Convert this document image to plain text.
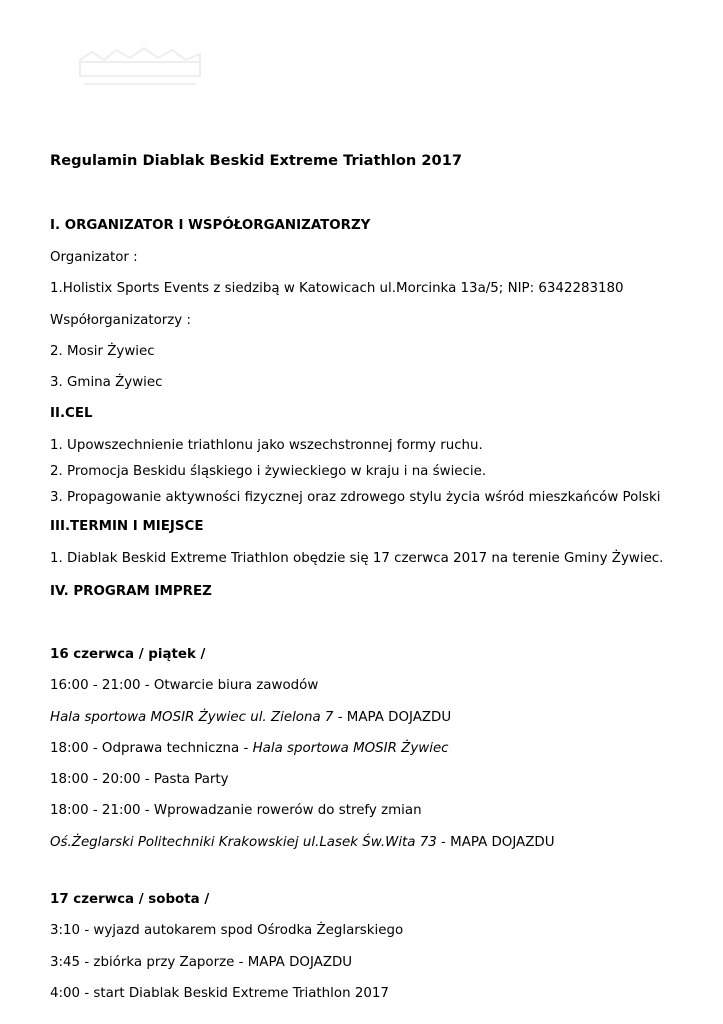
Regulamin Diablak Beskid Extreme Triathlon 2017
I. ORGANIZATOR I WSPÓŁORGANIZATORZY
Organizator :
1.Holistix Sports Events z siedzibą w Katowicach ul.Morcinka 13a/5; NIP: 6342283180
Współorganizatorzy :
2. Mosir Żywiec
3. Gmina Żywiec
II.CEL
1. Upowszechnienie triathlonu jako wszechstronnej formy ruchu.
2. Promocja Beskidu śląskiego i żywieckiego w kraju i na świecie.
3. Propagowanie aktywności fizycznej oraz zdrowego stylu życia wśród mieszkańców Polski
III.TERMIN I MIEJSCE
1. Diablak Beskid Extreme Triathlon obędzie się 17 czerwca 2017 na terenie Gminy Żywiec.
IV. PROGRAM IMPREZ
16 czerwca / piątek /
16:00 - 21:00 - Otwarcie biura zawodów
Hala sportowa MOSIR Żywiec ul. Zielona 7 - MAPA DOJAZDU
18:00 - Odprawa techniczna - Hala sportowa MOSIR Żywiec
18:00 - 20:00 - Pasta Party
18:00 - 21:00 - Wprowadzanie rowerów do strefy zmian
Oś.Żeglarski Politechniki Krakowskiej ul.Lasek Św.Wita 73 - MAPA DOJAZDU
17 czerwca / sobota /
3:10 - wyjazd autokarem spod Ośrodka Żeglarskiego
3:45 - zbiórka przy Zaporze - MAPA DOJAZDU
4:00 - start Diablak Beskid Extreme Triathlon 2017
